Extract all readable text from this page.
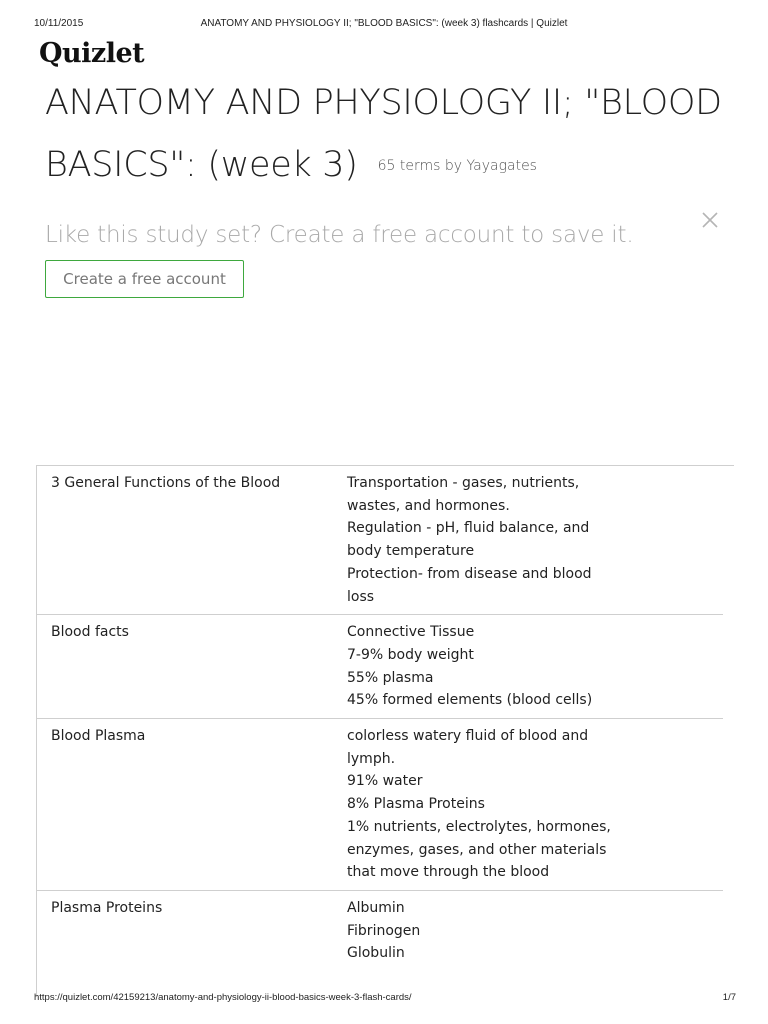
10/11/2015	ANATOMY AND PHYSIOLOGY II; "BLOOD BASICS": (week 3) flashcards | Quizlet
Quizlet
ANATOMY AND PHYSIOLOGY II; "BLOOD
BASICS": (week 3) 65 terms by Yayagates
Like this study set? Create a free account to save it.
Create a free account
3 General Functions of the Blood	Transportation - gases, nutrients,
wastes, and hormones.
Regulation - pH, fluid balance, and
body temperature
Protection- from disease and blood
loss
Blood facts	Connective Tissue
7-9% body weight
55% plasma
45% formed elements (blood cells)
Blood Plasma	colorless watery fluid of blood and
lymph.
91% water
8% Plasma Proteins
1% nutrients, electrolytes, hormones,
enzymes, gases, and other materials
that move through the blood
Plasma Proteins	Albumin
Fibrinogen
Globulin
https://quizlet.com/42159213/anatomy-and-physiology-ii-blood-basics-week-3-flash-cards/	1/7
